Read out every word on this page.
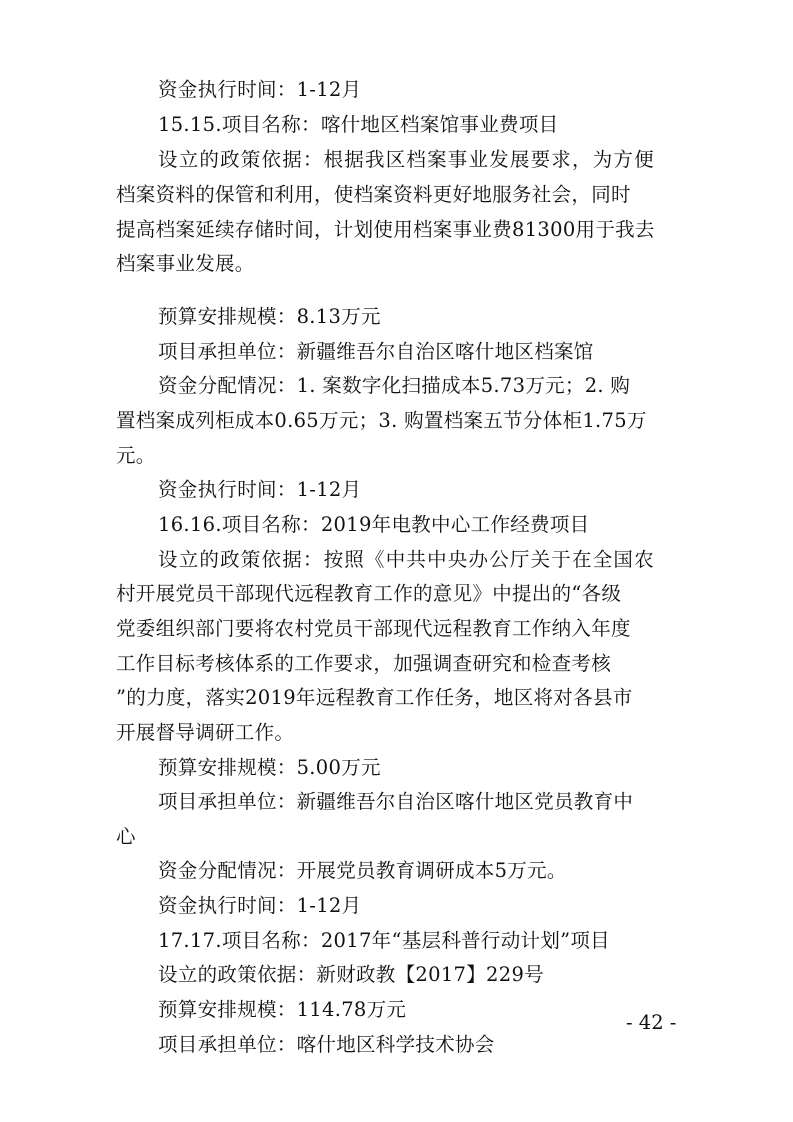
资金执行时间：1-12月
15.15.项目名称：喀什地区档案馆事业费项目
设立的政策依据：根据我区档案事业发展要求，为方便
档案资料的保管和利用，使档案资料更好地服务社会，同时
提高档案延续存储时间，计划使用档案事业费81300用于我去
档案事业发展。
预算安排规模：8.13万元
项目承担单位：新疆维吾尔自治区喀什地区档案馆
资金分配情况：1. 案数字化扫描成本5.73万元；2. 购
置档案成列柜成本0.65万元；3. 购置档案五节分体柜1.75万
元。
资金执行时间：1-12月
16.16.项目名称：2019年电教中心工作经费项目
设立的政策依据：按照《中共中央办公厅关于在全国农
村开展党员干部现代远程教育工作的意见》中提出的“各级
党委组织部门要将农村党员干部现代远程教育工作纳入年度
工作目标考核体系的工作要求，加强调查研究和检查考核
”的力度，落实2019年远程教育工作任务，地区将对各县市
开展督导调研工作。
预算安排规模：5.00万元
项目承担单位：新疆维吾尔自治区喀什地区党员教育中
心
资金分配情况：开展党员教育调研成本5万元。
资金执行时间：1-12月
17.17.项目名称：2017年“基层科普行动计划”项目
设立的政策依据：新财政教【2017】229号
预算安排规模：114.78万元
项目承担单位：喀什地区科学技术协会
- 42 -
